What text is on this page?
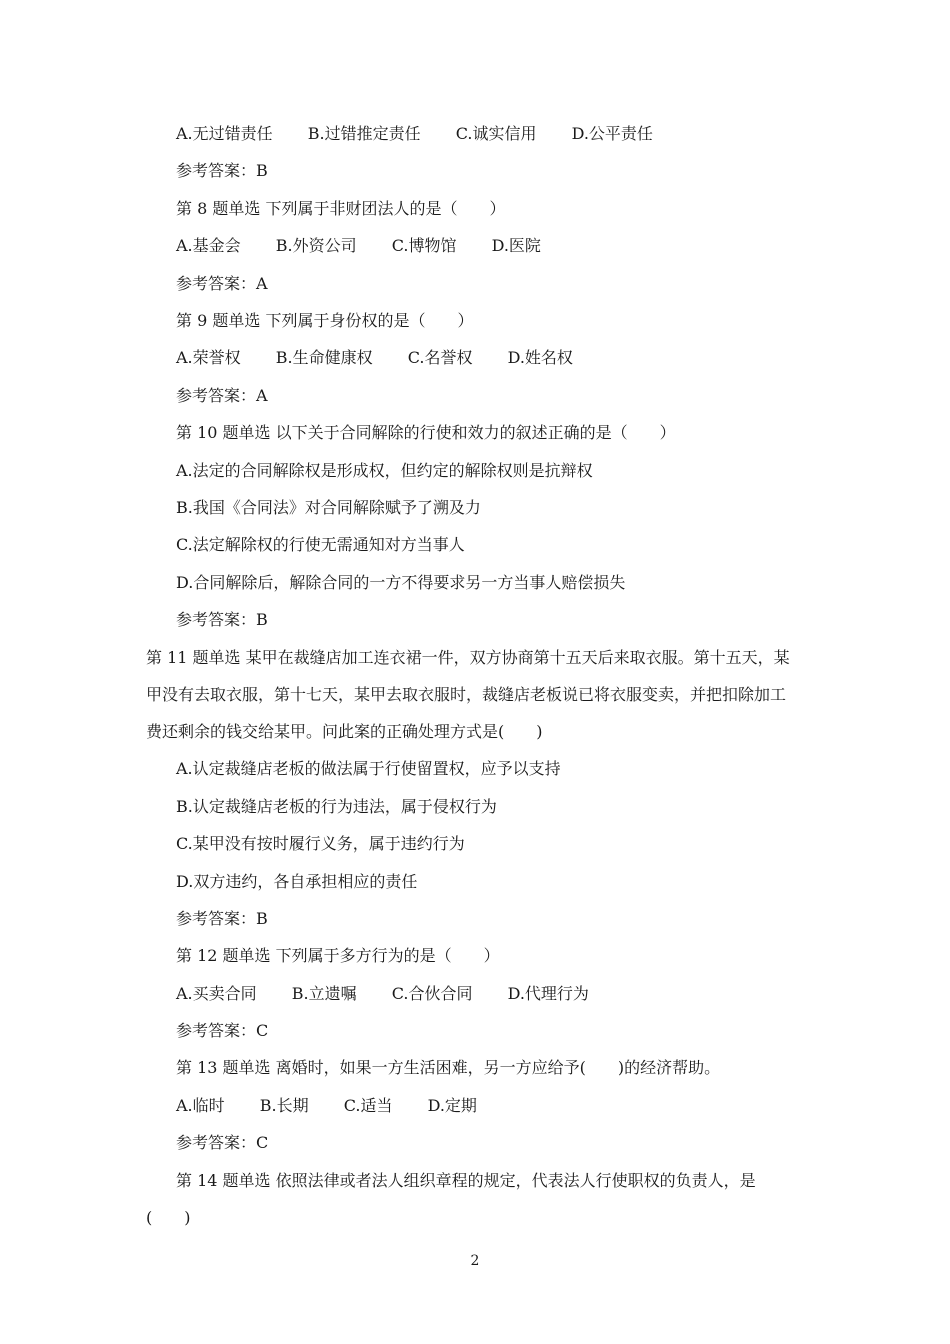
A.无过错责任 B.过错推定责任 C.诚实信用 D.公平责任
参考答案：B
第 8 题单选 下列属于非财团法人的是（　　）
A.基金会 B.外资公司 C.博物馆 D.医院
参考答案：A
第 9 题单选 下列属于身份权的是（　　）
A.荣誉权 B.生命健康权 C.名誉权 D.姓名权
参考答案：A
第 10 题单选 以下关于合同解除的行使和效力的叙述正确的是（　　）
A.法定的合同解除权是形成权，但约定的解除权则是抗辩权
B.我国《合同法》对合同解除赋予了溯及力
C.法定解除权的行使无需通知对方当事人
D.合同解除后，解除合同的一方不得要求另一方当事人赔偿损失
参考答案：B
第 11 题单选 某甲在裁缝店加工连衣裙一件，双方协商第十五天后来取衣服。第十五天，某
甲没有去取衣服，第十七天，某甲去取衣服时，裁缝店老板说已将衣服变卖，并把扣除加工
费还剩余的钱交给某甲。问此案的正确处理方式是(　　)
A.认定裁缝店老板的做法属于行使留置权，应予以支持
B.认定裁缝店老板的行为违法，属于侵权行为
C.某甲没有按时履行义务，属于违约行为
D.双方违约，各自承担相应的责任
参考答案：B
第 12 题单选 下列属于多方行为的是（　　）
A.买卖合同 B.立遗嘱 C.合伙合同 D.代理行为
参考答案：C
第 13 题单选 离婚时，如果一方生活困难，另一方应给予(　　)的经济帮助。
A.临时 B.长期 C.适当 D.定期
参考答案：C
第 14 题单选 依照法律或者法人组织章程的规定，代表法人行使职权的负责人，是
(　　)
2
